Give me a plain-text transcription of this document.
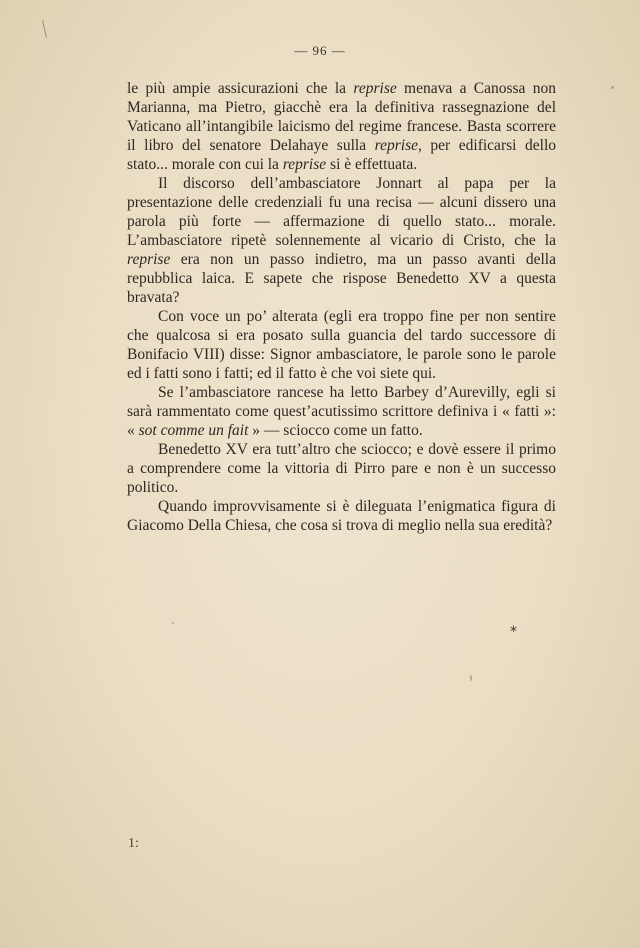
— 96 —

le più ampie assicurazioni che la reprise menava a Canossa non Marianna, ma Pietro, giacchè era la definitiva rassegnazione del Vaticano all’intangibile laicismo del regime francese. Basta scorrere il libro del senatore Delahaye sulla reprise, per edificarsi dello stato... morale con cui la reprise si è effettuata.

Il discorso dell’ambasciatore Jonnart al papa per la presentazione delle credenziali fu una recisa — alcuni dissero una parola più forte — affermazione di quello stato... morale. L’ambasciatore ripetè solennemente al vicario di Cristo, che la reprise era non un passo indietro, ma un passo avanti della repubblica laica. E sapete che rispose Benedetto XV a questa bravata?

Con voce un po’ alterata (egli era troppo fine per non sentire che qualcosa si era posato sulla guancia del tardo successore di Bonifacio VIII) disse: Signor ambasciatore, le parole sono le parole ed i fatti sono i fatti; ed il fatto è che voi siete qui.

Se l’ambasciatore rancese ha letto Barbey d’Aurevilly, egli si sarà rammentato come quest’acutissimo scrittore definiva i « fatti »: « sot comme un fait » — sciocco come un fatto.

Benedetto XV era tutt’altro che sciocco; e dovè essere il primo a comprendere come la vittoria di Pirro pare e non è un successo politico.

Quando improvvisamente si è dileguata l’enigmatica figura di Giacomo Della Chiesa, che cosa si trova di meglio nella sua eredità?

*
1:
